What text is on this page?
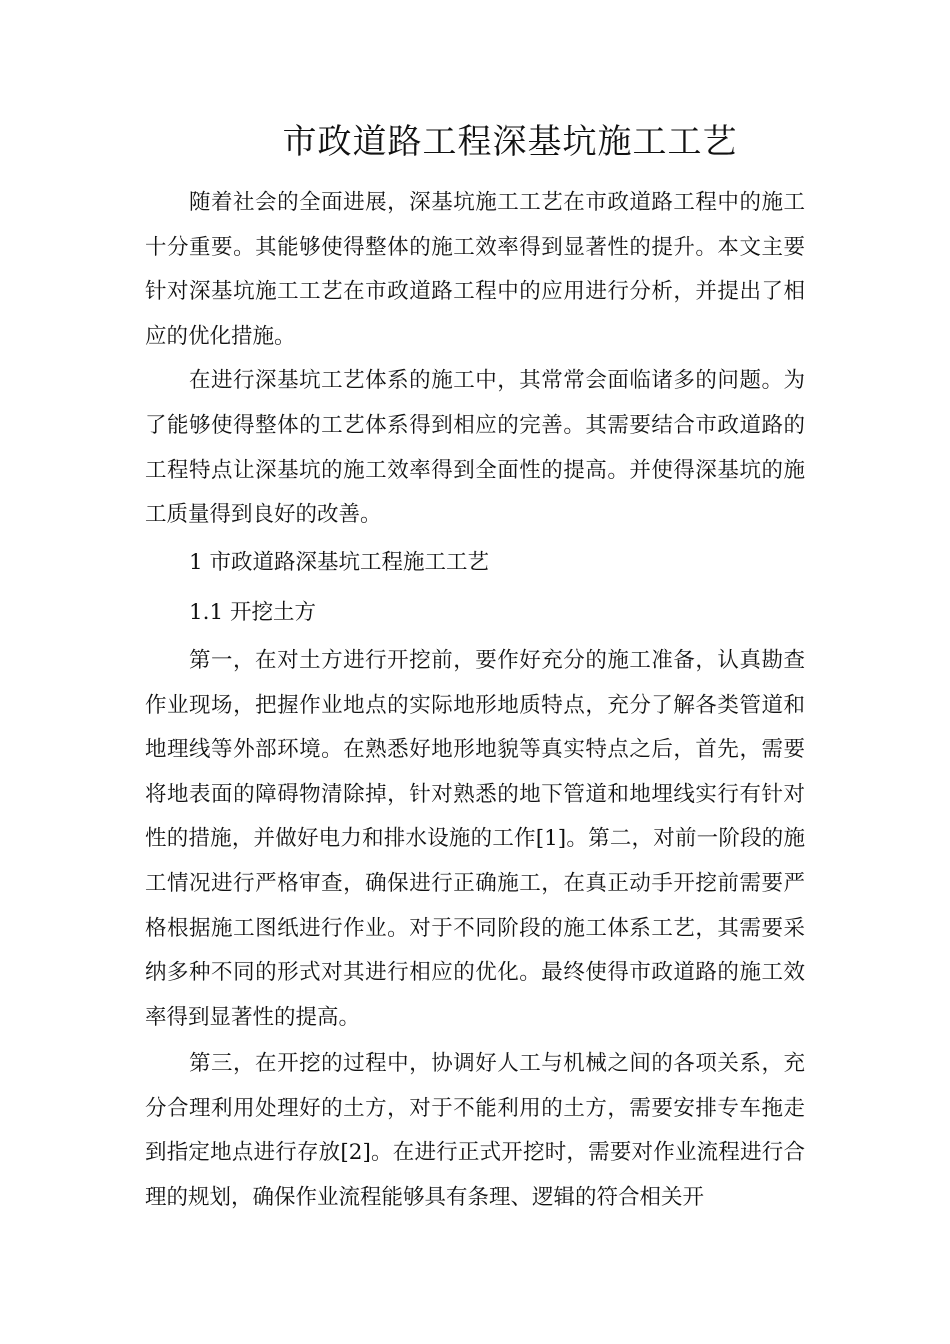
市政道路工程深基坑施工工艺

随着社会的全面进展，深基坑施工工艺在市政道路工程中的施工十分重要。其能够使得整体的施工效率得到显著性的提升。本文主要针对深基坑施工工艺在市政道路工程中的应用进行分析，并提出了相应的优化措施。

在进行深基坑工艺体系的施工中，其常常会面临诸多的问题。为了能够使得整体的工艺体系得到相应的完善。其需要结合市政道路的工程特点让深基坑的施工效率得到全面性的提高。并使得深基坑的施工质量得到良好的改善。

1 市政道路深基坑工程施工工艺

1.1 开挖土方

第一，在对土方进行开挖前，要作好充分的施工准备，认真勘查作业现场，把握作业地点的实际地形地质特点，充分了解各类管道和地理线等外部环境。在熟悉好地形地貌等真实特点之后，首先，需要将地表面的障碍物清除掉，针对熟悉的地下管道和地埋线实行有针对性的措施，并做好电力和排水设施的工作[1]。第二，对前一阶段的施工情况进行严格审查，确保进行正确施工，在真正动手开挖前需要严格根据施工图纸进行作业。对于不同阶段的施工体系工艺，其需要采纳多种不同的形式对其进行相应的优化。最终使得市政道路的施工效率得到显著性的提高。

第三，在开挖的过程中，协调好人工与机械之间的各项关系，充分合理利用处理好的土方，对于不能利用的土方，需要安排专车拖走到指定地点进行存放[2]。在进行正式开挖时，需要对作业流程进行合理的规划，确保作业流程能够具有条理、逻辑的符合相关开
